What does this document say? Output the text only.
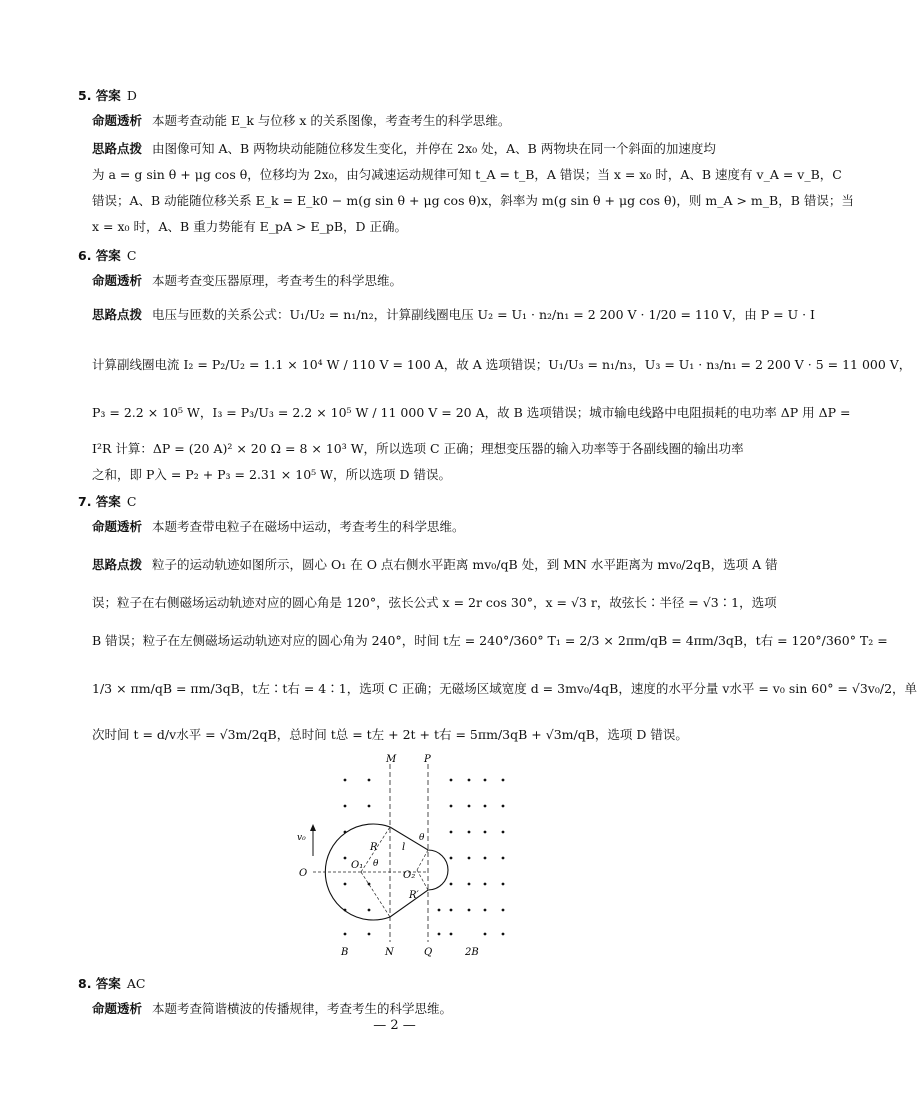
5. 答案 D
命题透析 本题考查动能 E_k 与位移 x 的关系图像，考查考生的科学思维。
思路点拨 由图像可知 A、B 两物块动能随位移发生变化，并停在 2x₀ 处，A、B 两物块在同一个斜面的加速度均
为 a = g sin θ + μg cos θ，位移均为 2x₀，由匀减速运动规律可知 t_A = t_B，A 错误；当 x = x₀ 时，A、B 速度有 v_A = v_B，C
错误；A、B 动能随位移关系 E_k = E_k0 − m(g sin θ + μg cos θ)x，斜率为 m(g sin θ + μg cos θ)，则 m_A > m_B，B 错误；当
x = x₀ 时，A、B 重力势能有 E_pA > E_pB，D 正确。
6. 答案 C
命题透析 本题考查变压器原理，考查考生的科学思维。
思路点拨 电压与匝数的关系公式：U₁/U₂ = n₁/n₂，计算副线圈电压 U₂ = U₁ · n₂/n₁ = 2 200 V · 1/20 = 110 V，由 P = U · I
计算副线圈电流 I₂ = P₂/U₂ = 1.1 × 10⁴ W / 110 V = 100 A，故 A 选项错误；U₁/U₃ = n₁/n₃，U₃ = U₁ · n₃/n₁ = 2 200 V · 5 = 11 000 V，
P₃ = 2.2 × 10⁵ W，I₃ = P₃/U₃ = 2.2 × 10⁵ W / 11 000 V = 20 A，故 B 选项错误；城市输电线路中电阻损耗的电功率 ΔP 用 ΔP =
I²R 计算：ΔP = (20 A)² × 20 Ω = 8 × 10³ W，所以选项 C 正确；理想变压器的输入功率等于各副线圈的输出功率
之和，即 P入 = P₂ + P₃ = 2.31 × 10⁵ W，所以选项 D 错误。
7. 答案 C
命题透析 本题考查带电粒子在磁场中运动，考查考生的科学思维。
思路点拨 粒子的运动轨迹如图所示，圆心 O₁ 在 O 点右侧水平距离 mv₀/qB 处，到 MN 水平距离为 mv₀/2qB，选项 A 错
误；粒子在右侧磁场运动轨迹对应的圆心角是 120°，弦长公式 x = 2r cos 30°，x = √3 r，故弦长∶半径 = √3∶1，选项
B 错误；粒子在左侧磁场运动轨迹对应的圆心角为 240°，时间 t左 = 240°/360° T₁ = 2/3 × 2πm/qB = 4πm/3qB，t右 = 120°/360° T₂ =
1/3 × πm/qB = πm/3qB，t左∶t右 = 4∶1，选项 C 正确；无磁场区域宽度 d = 3mv₀/4qB，速度的水平分量 v水平 = v₀ sin 60° = √3v₀/2，单
次时间 t = d/v水平 = √3m/2qB，总时间 t总 = t左 + 2t + t右 = 5πm/3qB + √3m/qB，选项 D 错误。
M	P
N	Q
B	2B
O
O₁
O₂
v₀
R
R′
l
θ
θ
8. 答案 AC
命题透析 本题考查简谐横波的传播规律，考查考生的科学思维。
— 2 —
